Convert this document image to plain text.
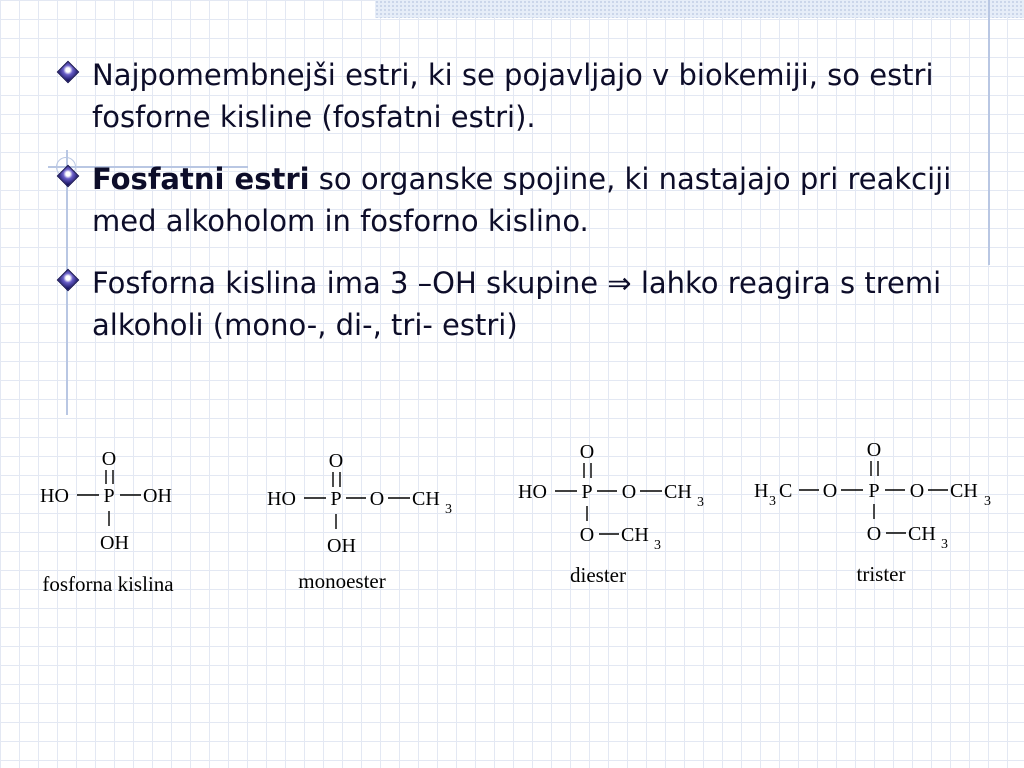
Najpomembnejši estri, ki se pojavljajo v biokemiji, so estri fosforne kisline (fosfatni estri).
Fosfatni estri so organske spojine, ki nastajajo pri reakciji med alkoholom in fosforno kislino.
Fosforna kislina ima 3 –OH skupine ⇒ lahko reagira s tremi alkoholi (mono-, di-, tri- estri)
O
HO P OH
OH
fosforna kislina
O
HO P O CH 3
OH
monoester
O
HO P O CH 3
O CH 3
diester
H 3 C O
O
P O CH 3
O CH 3
trister
